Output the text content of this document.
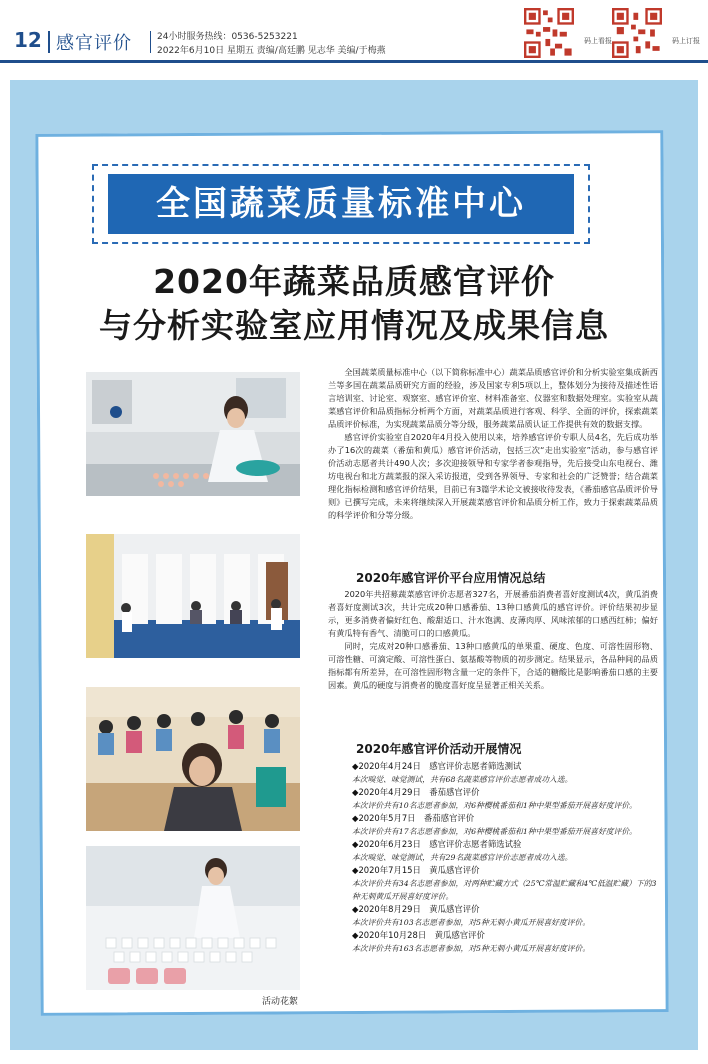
12 感官评价	24小时服务热线：0536-5253221
2022年6月10日 星期五 责编/高廷鹏 见志华 美编/于梅燕
码上看报	码上订报
全国蔬菜质量标准中心
2020年蔬菜品质感官评价
与分析实验室应用情况及成果信息
活动花絮

全国蔬菜质量标准中心（以下简称标准中心）蔬菜品质感官评价和分析实验室集成新西兰等多国在蔬菜品质研究方面的经验，涉及国家专利5项以上，整体划分为接待及描述性语言培训室、讨论室、观察室、感官评价室、材料准备室、仪器室和数据处理室。实验室从蔬菜感官评价和品质指标分析两个方面，对蔬菜品质进行客观、科学、全面的评价，探索蔬菜品质评价标准，为实现蔬菜品质分等分级，服务蔬菜品质认证工作提供有效的数据支撑。

感官评价实验室自2020年4月投入使用以来，培养感官评价专职人员4名，先后成功举办了16次的蔬菜（番茄和黄瓜）感官评价活动，包括三次“走出实验室”活动，参与感官评价活动志愿者共计490人次；多次迎接领导和专家学者参观指导，先后接受山东电视台、潍坊电视台和北方蔬菜报的深入采访报道，受到各界领导、专家和社会的广泛赞誉；结合蔬菜理化指标检测和感官评价结果，目前已有3篇学术论文被接收待发表，《番茄感官品质评价导则》已撰写完成，未来将继续深入开展蔬菜感官评价和品质分析工作，致力于探索蔬菜品质的科学评价和分等分级。

2020年感官评价平台应用情况总结

2020年共招募蔬菜感官评价志愿者327名，开展番茄消费者喜好度测试4次，黄瓜消费者喜好度测试3次，共计完成20种口感番茄、13种口感黄瓜的感官评价。评价结果初步显示，更多消费者偏好红色、酸甜适口、汁水饱满、皮薄肉厚、风味浓郁的口感西红柿；偏好有黄瓜特有香气、清脆可口的口感黄瓜。

同时，完成对20种口感番茄、13种口感黄瓜的单果重、硬度、色度、可溶性固形物、可溶性糖、可滴定酸、可溶性蛋白、氨基酸等物质的初步测定。结果显示，各品种间的品质指标都有所差异，在可溶性固形物含量一定的条件下，合适的糖酸比是影响番茄口感的主要因素。黄瓜的硬度与消费者的脆度喜好度呈显著正相关关系。

2020年感官评价活动开展情况
◆2020年4月24日　感官评价志愿者筛选测试
本次嗅觉、味觉测试，共有68名蔬菜感官评价志愿者成功入选。
◆2020年4月29日　番茄感官评价
本次评价共有10名志愿者参加，对6种樱桃番茄和1种中果型番茄开展喜好度评价。
◆2020年5月7日　番茄感官评价
本次评价共有17名志愿者参加，对6种樱桃番茄和1种中果型番茄开展喜好度评价。
◆2020年6月23日　感官评价志愿者筛选试验
本次嗅觉、味觉测试，共有29名蔬菜感官评价志愿者成功入选。
◆2020年7月15日　黄瓜感官评价
本次评价共有34名志愿者参加，对两种贮藏方式（25℃常温贮藏和4℃低温贮藏）下的3种无刺黄瓜开展喜好度评价。
◆2020年8月29日　黄瓜感官评价
本次评价共有103名志愿者参加，对5种无刺小黄瓜开展喜好度评价。
◆2020年10月28日　黄瓜感官评价
本次评价共有163名志愿者参加，对5种无刺小黄瓜开展喜好度评价。
